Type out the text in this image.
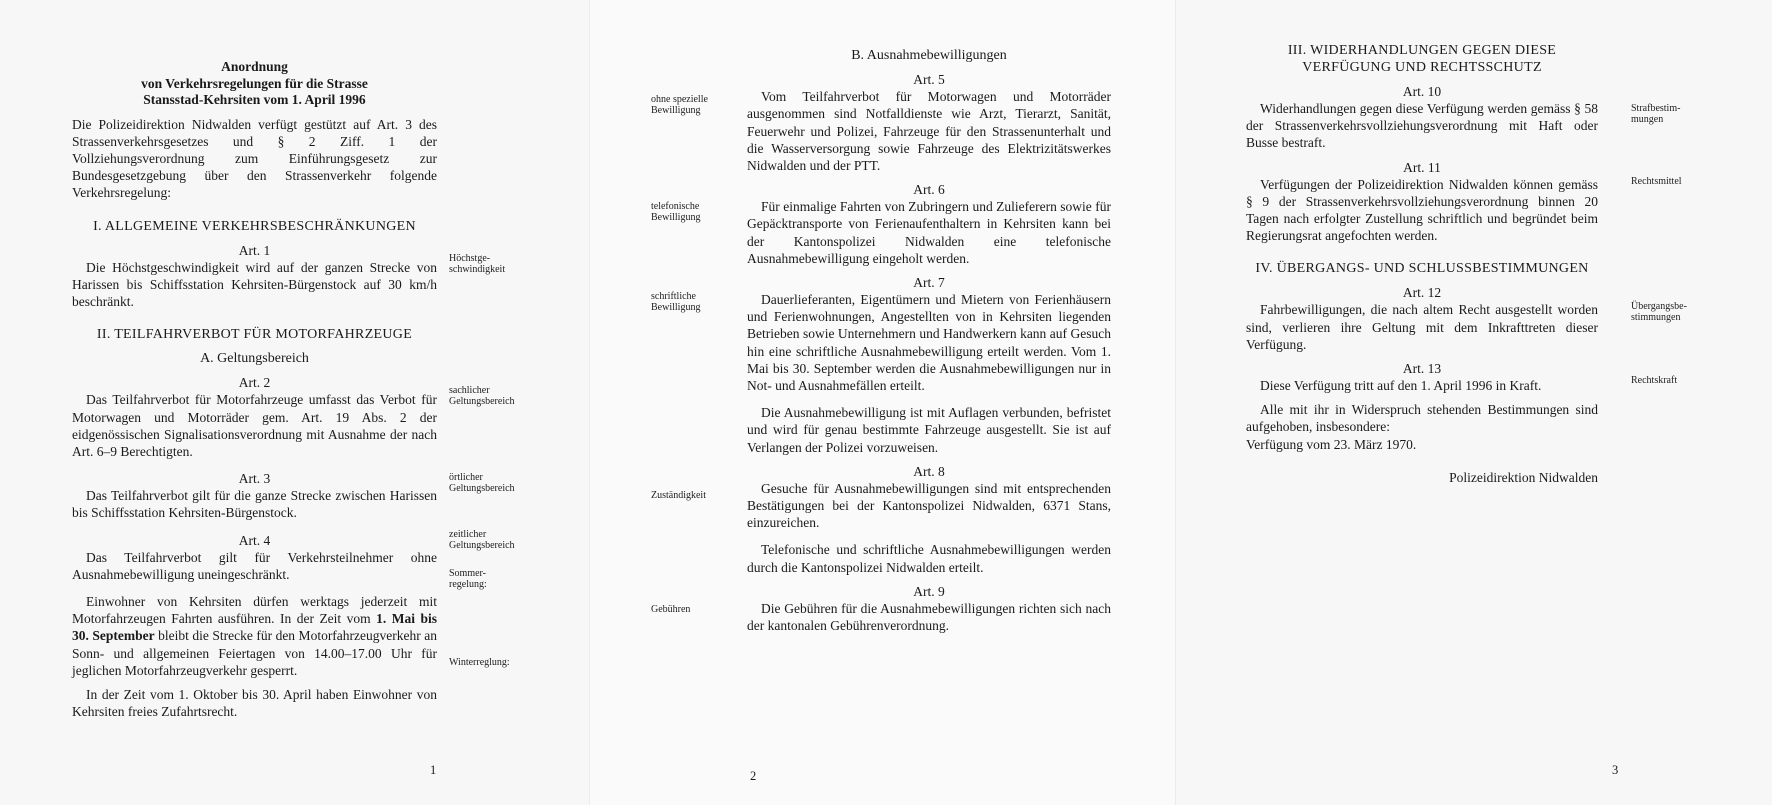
Anordnung
von Verkehrsregelungen für die Strasse
Stansstad-Kehrsiten vom 1. April 1996

Die Polizeidirektion Nidwalden verfügt gestützt auf Art. 3 des Strassenverkehrsgesetzes und § 2 Ziff. 1 der Vollziehungsverordnung zum Einführungsgesetz zur Bundesgesetzgebung über den Strassenverkehr folgende Verkehrsregelung:

I. ALLGEMEINE VERKEHRSBESCHRÄNKUNGEN
Art. 1

Die Höchstgeschwindigkeit wird auf der ganzen Strecke von Harissen bis Schiffsstation Kehrsiten-Bürgenstock auf 30 km/h beschränkt.

II. TEILFAHRVERBOT FÜR MOTORFAHRZEUGE
A. Geltungsbereich
Art. 2

Das Teilfahrverbot für Motorfahrzeuge umfasst das Verbot für Motorwagen und Motorräder gem. Art. 19 Abs. 2 der eidgenössischen Signalisationsverordnung mit Ausnahme der nach Art. 6–9 Berechtigten.

Art. 3

Das Teilfahrverbot gilt für die ganze Strecke zwischen Harissen bis Schiffsstation Kehrsiten-Bürgenstock.

Art. 4

Das Teilfahrverbot gilt für Verkehrsteilnehmer ohne Ausnahmebewilligung uneingeschränkt.

Einwohner von Kehrsiten dürfen werktags jederzeit mit Motorfahrzeugen Fahrten ausführen. In der Zeit vom 1. Mai bis 30. September bleibt die Strecke für den Motorfahrzeugverkehr an Sonn- und allgemeinen Feiertagen von 14.00–17.00 Uhr für jeglichen Motorfahrzeugverkehr gesperrt.

In der Zeit vom 1. Oktober bis 30. April haben Einwohner von Kehrsiten freies Zufahrtsrecht.

Höchstge-schwindigkeit
sachlicher Geltungsbereich
örtlicher Geltungsbereich
zeitlicher Geltungsbereich
Sommer-regelung:
Winterreglung:
1
B. Ausnahmebewilligungen
Art. 5

Vom Teilfahrverbot für Motorwagen und Motorräder ausgenommen sind Notfalldienste wie Arzt, Tierarzt, Sanität, Feuerwehr und Polizei, Fahrzeuge für den Strassenunterhalt und die Wasserversorgung sowie Fahrzeuge des Elektrizitätswerkes Nidwalden und der PTT.

Art. 6

Für einmalige Fahrten von Zubringern und Zulieferern sowie für Gepäcktransporte von Ferienaufenthaltern in Kehrsiten kann bei der Kantonspolizei Nidwalden eine telefonische Ausnahmebewilligung eingeholt werden.

Art. 7

Dauerlieferanten, Eigentümern und Mietern von Ferienhäusern und Ferienwohnungen, Angestellten von in Kehrsiten liegenden Betrieben sowie Unternehmern und Handwerkern kann auf Gesuch hin eine schriftliche Ausnahmebewilligung erteilt werden. Vom 1. Mai bis 30. September werden die Ausnahmebewilligungen nur in Not- und Ausnahmefällen erteilt.

Die Ausnahmebewilligung ist mit Auflagen verbunden, befristet und wird für genau bestimmte Fahrzeuge ausgestellt. Sie ist auf Verlangen der Polizei vorzuweisen.

Art. 8

Gesuche für Ausnahmebewilligungen sind mit entsprechenden Bestätigungen bei der Kantonspolizei Nidwalden, 6371 Stans, einzureichen.

Telefonische und schriftliche Ausnahmebewilligungen werden durch die Kantonspolizei Nidwalden erteilt.

Art. 9

Die Gebühren für die Ausnahmebewilligungen richten sich nach der kantonalen Gebührenverordnung.

ohne spezielle Bewilligung
telefonische Bewilligung
schriftliche Bewilligung
Zuständigkeit
Gebühren
2
III. WIDERHANDLUNGEN GEGEN DIESE
VERFÜGUNG UND RECHTSSCHUTZ
Art. 10

Widerhandlungen gegen diese Verfügung werden gemäss § 58 der Strassenverkehrsvollziehungsverordnung mit Haft oder Busse bestraft.

Art. 11

Verfügungen der Polizeidirektion Nidwalden können gemäss § 9 der Strassenverkehrsvollziehungsverordnung binnen 20 Tagen nach erfolgter Zustellung schriftlich und begründet beim Regierungsrat angefochten werden.

IV. ÜBERGANGS- UND SCHLUSSBESTIMMUNGEN
Art. 12

Fahrbewilligungen, die nach altem Recht ausgestellt worden sind, verlieren ihre Geltung mit dem Inkrafttreten dieser Verfügung.

Art. 13

Diese Verfügung tritt auf den 1. April 1996 in Kraft.

Alle mit ihr in Widerspruch stehenden Bestimmungen sind aufgehoben, insbesondere:

Verfügung vom 23. März 1970.

Polizeidirektion Nidwalden
Strafbestim-mungen
Rechtsmittel
Übergangsbe-stimmungen
Rechtskraft
3
